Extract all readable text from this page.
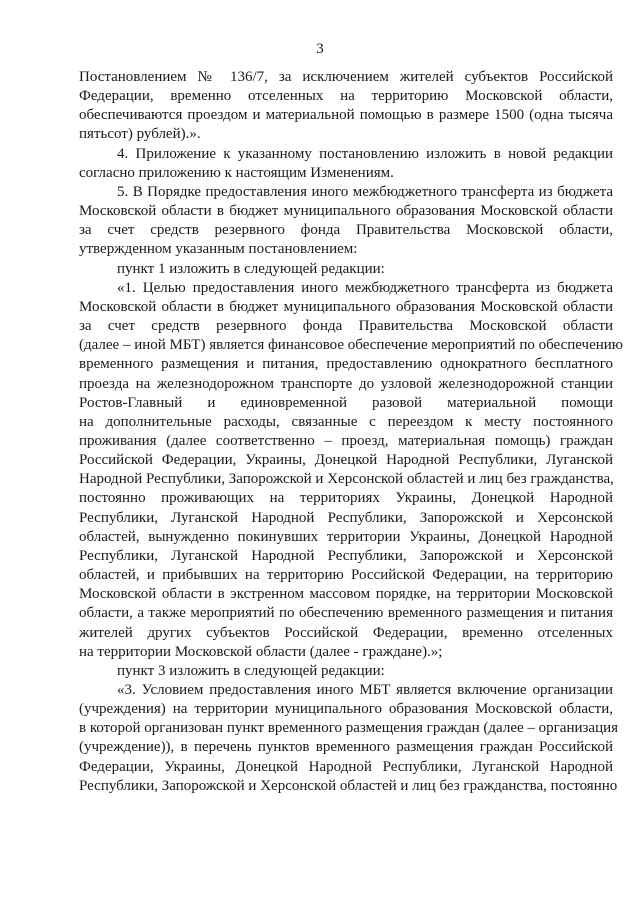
3

Постановлением № 136/7, за исключением жителей субъектов Российской
Федерации, временно отселенных на территорию Московской области,
обеспечиваются проездом и материальной помощью в размере 1500 (одна тысяча
пятьсот) рублей).».

4. Приложение к указанному постановлению изложить в новой редакции
согласно приложению к настоящим Изменениям.

5. В Порядке предоставления иного межбюджетного трансферта из бюджета
Московской области в бюджет муниципального образования Московской области
за счет средств резервного фонда Правительства Московской области,
утвержденном указанным постановлением:

пункт 1 изложить в следующей редакции:

«1. Целью предоставления иного межбюджетного трансферта из бюджета
Московской области в бюджет муниципального образования Московской области
за счет средств резервного фонда Правительства Московской области
(далее – иной МБТ) является финансовое обеспечение мероприятий по обеспечению
временного размещения и питания, предоставлению однократного бесплатного
проезда на железнодорожном транспорте до узловой железнодорожной станции
Ростов-Главный и единовременной разовой материальной помощи
на дополнительные расходы, связанные с переездом к месту постоянного
проживания (далее соответственно – проезд, материальная помощь) граждан
Российской Федерации, Украины, Донецкой Народной Республики, Луганской
Народной Республики, Запорожской и Херсонской областей и лиц без гражданства,
постоянно проживающих на территориях Украины, Донецкой Народной
Республики, Луганской Народной Республики, Запорожской и Херсонской
областей, вынужденно покинувших территории Украины, Донецкой Народной
Республики, Луганской Народной Республики, Запорожской и Херсонской
областей, и прибывших на территорию Российской Федерации, на территорию
Московской области в экстренном массовом порядке, на территории Московской
области, а также мероприятий по обеспечению временного размещения и питания
жителей других субъектов Российской Федерации, временно отселенных
на территории Московской области (далее - граждане).»;

пункт 3 изложить в следующей редакции:

«3. Условием предоставления иного МБТ является включение организации
(учреждения) на территории муниципального образования Московской области,
в которой организован пункт временного размещения граждан (далее – организация
(учреждение)), в перечень пунктов временного размещения граждан Российской
Федерации, Украины, Донецкой Народной Республики, Луганской Народной
Республики, Запорожской и Херсонской областей и лиц без гражданства, постоянно
